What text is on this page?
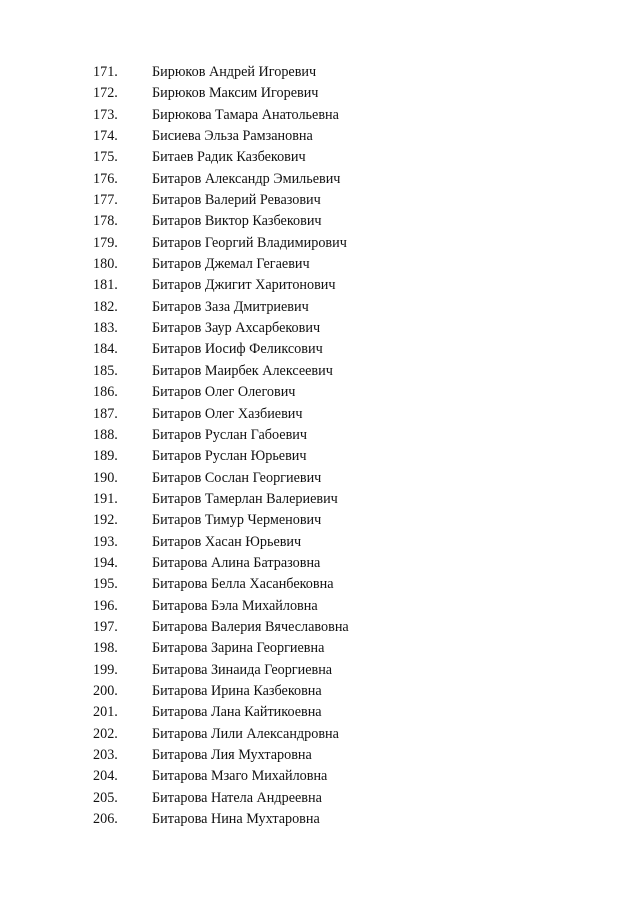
171. Бирюков Андрей Игоревич
172. Бирюков Максим Игоревич
173. Бирюкова Тамара Анатольевна
174. Бисиева Эльза Рамзановна
175. Битаев Радик Казбекович
176. Битаров Александр Эмильевич
177. Битаров Валерий Ревазович
178. Битаров Виктор Казбекович
179. Битаров Георгий Владимирович
180. Битаров Джемал Гегаевич
181. Битаров Джигит Харитонович
182. Битаров Заза Дмитриевич
183. Битаров Заур Ахсарбекович
184. Битаров Иосиф Феликсович
185. Битаров Маирбек Алексеевич
186. Битаров Олег Олегович
187. Битаров Олег Хазбиевич
188. Битаров Руслан Габоевич
189. Битаров Руслан Юрьевич
190. Битаров Сослан Георгиевич
191. Битаров Тамерлан Валериевич
192. Битаров Тимур Черменович
193. Битаров Хасан Юрьевич
194. Битарова Алина Батразовна
195. Битарова Белла Хасанбековна
196. Битарова Бэла Михайловна
197. Битарова Валерия Вячеславовна
198. Битарова Зарина Георгиевна
199. Битарова Зинаида Георгиевна
200. Битарова Ирина Казбековна
201. Битарова Лана Кайтикоевна
202. Битарова Лили Александровна
203. Битарова Лия Мухтаровна
204. Битарова Мзаго Михайловна
205. Битарова Натела Андреевна
206. Битарова Нина Мухтаровна
